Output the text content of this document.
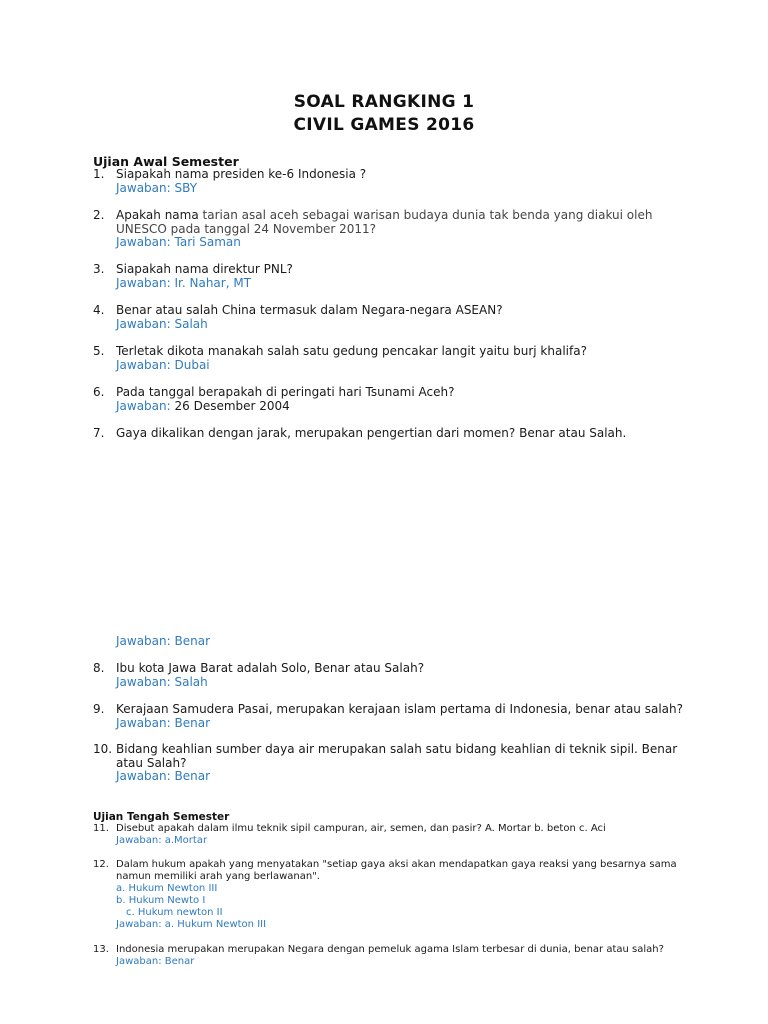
SOAL RANGKING 1
CIVIL GAMES 2016
Ujian Awal Semester
1. Siapakah nama presiden ke-6 Indonesia ?
Jawaban: SBY
2. Apakah nama tarian asal aceh sebagai warisan budaya dunia tak benda yang diakui oleh UNESCO pada tanggal 24 November 2011?
Jawaban: Tari Saman
3. Siapakah nama direktur PNL?
Jawaban: Ir. Nahar, MT
4. Benar atau salah China termasuk dalam Negara-negara ASEAN?
Jawaban: Salah
5. Terletak dikota manakah salah satu gedung pencakar langit yaitu burj khalifa?
Jawaban: Dubai
6. Pada tanggal berapakah di peringati hari Tsunami Aceh?
Jawaban: 26 Desember 2004
7. Gaya dikalikan dengan jarak, merupakan pengertian dari momen? Benar atau Salah.
Jawaban: Benar
8. Ibu kota Jawa Barat adalah Solo, Benar atau Salah?
Jawaban: Salah
9. Kerajaan Samudera Pasai, merupakan kerajaan islam pertama di Indonesia, benar atau salah?
Jawaban: Benar
10. Bidang keahlian sumber daya air merupakan salah satu bidang keahlian di teknik sipil. Benar atau Salah?
Jawaban: Benar
Ujian Tengah Semester
11. Disebut apakah dalam ilmu teknik sipil campuran, air, semen, dan pasir? A. Mortar b. beton c. Aci
Jawaban: a.Mortar
12. Dalam hukum apakah yang menyatakan "setiap gaya aksi akan mendapatkan gaya reaksi yang besarnya sama namun memiliki arah yang berlawanan".
a. Hukum Newton III
b. Hukum Newto I
c. Hukum newton II
Jawaban: a. Hukum Newton III
13. Indonesia merupakan merupakan Negara dengan pemeluk agama Islam terbesar di dunia, benar atau salah?
Jawaban: Benar
